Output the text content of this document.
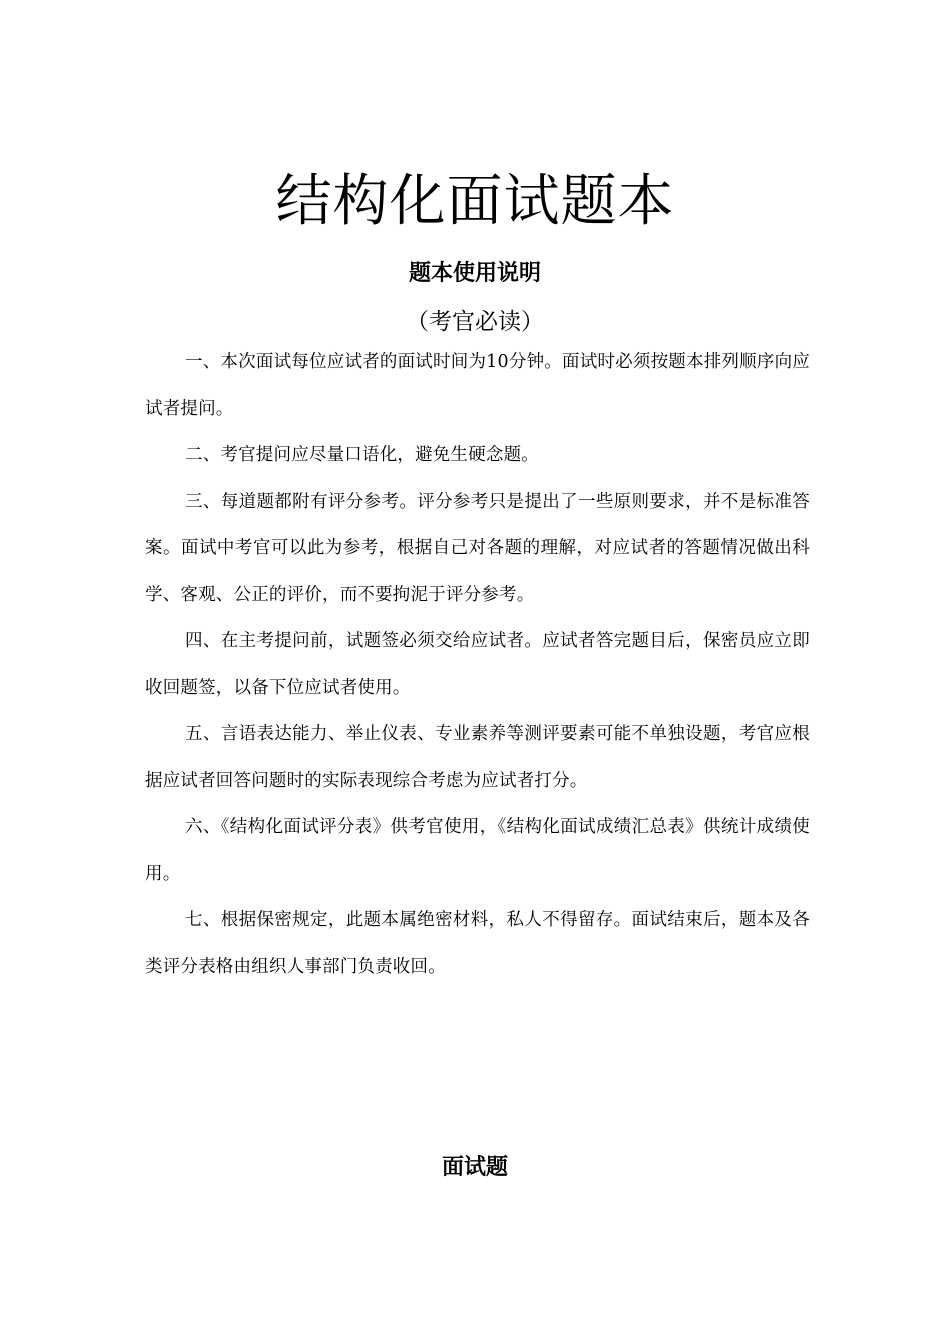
结构化面试题本
题本使用说明
（考官必读）

一、本次面试每位应试者的面试时间为10分钟。面试时必须按题本排列顺序向应试者提问。

二、考官提问应尽量口语化，避免生硬念题。

三、每道题都附有评分参考。评分参考只是提出了一些原则要求，并不是标准答案。面试中考官可以此为参考，根据自己对各题的理解，对应试者的答题情况做出科学、客观、公正的评价，而不要拘泥于评分参考。

四、在主考提问前，试题签必须交给应试者。应试者答完题目后，保密员应立即收回题签，以备下位应试者使用。

五、言语表达能力、举止仪表、专业素养等测评要素可能不单独设题，考官应根据应试者回答问题时的实际表现综合考虑为应试者打分。

六、《结构化面试评分表》供考官使用，《结构化面试成绩汇总表》供统计成绩使用。

七、根据保密规定，此题本属绝密材料，私人不得留存。面试结束后，题本及各类评分表格由组织人事部门负责收回。

面试题
